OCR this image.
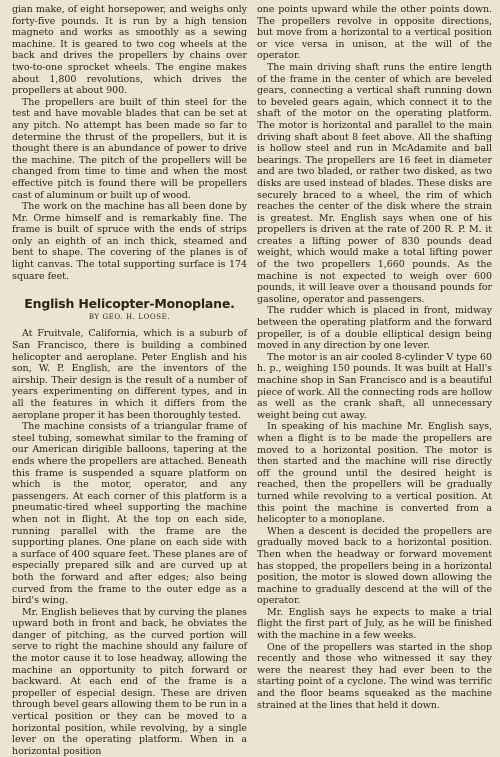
gian make, of eight horsepower, and weighs only forty-five pounds. It is run by a high tension magneto and works as smoothly as a sewing machine. It is geared to two cog wheels at the back and drives the propellers by chains over two-to-one sprocket wheels. The engine makes about 1,800 revolutions, which drives the propellers at about 900.

The propellers are built of thin steel for the test and have movable blades that can be set at any pitch. No attempt has been made so far to determine the thrust of the propellers, but it is thought there is an abundance of power to drive the machine. The pitch of the propellers will be changed from time to time and when the most effective pitch is found there will be propellers cast of aluminum or built up of wood.

The work on the machine has all been done by Mr. Orme himself and is remarkably fine. The frame is built of spruce with the ends of strips only an eighth of an inch thick, steamed and bent to shape. The covering of the planes is of light canvas. The total supporting surface is 174 square feet.

English Helicopter-Monoplane.
BY GEO. H. LOOSE.

At Fruitvale, California, which is a suburb of San Francisco, there is building a combined helicopter and aeroplane. Peter English and his son, W. P. English, are the inventors of the airship. Their design is the result of a number of years experimenting on different types, and in all the features in which it differs from the aeroplane proper it has been thoroughly tested.

The machine consists of a triangular frame of steel tubing, somewhat similar to the framing of our American dirigible balloons, tapering at the ends where the propellers are attached. Beneath this frame is suspended a square platform on which is the motor, operator, and any passengers. At each corner of this platform is a pneumatic-tired wheel supporting the machine when not in flight. At the top on each side, running parallel with the frame are the supporting planes. One plane on each side with a surface of 400 square feet. These planes are of especially prepared silk and are curved up at both the forward and after edges; also being curved from the frame to the outer edge as a bird's wing.

Mr. English believes that by curving the planes upward both in front and back, he obviates the danger of pitching, as the curved portion will serve to right the machine should any failure of the motor cause it to lose headway, allowing the machine an opportunity to pitch forward or backward. At each end of the frame is a propeller of especial design. These are driven through bevel gears allowing them to be run in a vertical position or they can be moved to a horizontal position, while revolving, by a single lever on the operating platform. When in a horizontal position

one points upward while the other points down. The propellers revolve in opposite directions, but move from a horizontal to a vertical position or vice versa in unison, at the will of the operator.

The main driving shaft runs the entire length of the frame in the center of which are beveled gears, connecting a vertical shaft running down to beveled gears again, which connect it to the shaft of the motor on the operating platform. The motor is horizontal and parallel to the main driving shaft about 8 feet above. All the shafting is hollow steel and run in McAdamite and ball bearings. The propellers are 16 feet in diameter and are two bladed, or rather two disked, as two disks are used instead of blades. These disks are securely braced to a wheel, the rim of which reaches the center of the disk where the strain is greatest. Mr. English says when one of his propellers is driven at the rate of 200 R. P. M. it creates a lifting power of 830 pounds dead weight, which would make a total lifting power of the two propellers 1,660 pounds. As the machine is not expected to weigh over 600 pounds, it will leave over a thousand pounds for gasoline, operator and passengers.

The rudder which is placed in front, midway between the operating platform and the forward propeller, is of a double elliptical design being moved in any direction by one lever.

The motor is an air cooled 8-cylinder V type 60 h. p., weighing 150 pounds. It was built at Hall's machine shop in San Francisco and is a beautiful piece of work. All the connecting rods are hollow as well as the crank shaft, all unnecessary weight being cut away.

In speaking of his machine Mr. English says, when a flight is to be made the propellers are moved to a horizontal position. The motor is then started and the machine will rise directly off the ground until the desired height is reached, then the propellers will be gradually turned while revolving to a vertical position. At this point the machine is converted from a helicopter to a monoplane.

When a descent is decided the propellers are gradually moved back to a horizontal position. Then when the headway or forward movement has stopped, the propellers being in a horizontal position, the motor is slowed down allowing the machine to gradually descend at the will of the operator.

Mr. English says he expects to make a trial flight the first part of July, as he will be finished with the machine in a few weeks.

One of the propellers was started in the shop recently and those who witnessed it say they were the nearest they had ever been to the starting point of a cyclone. The wind was terrific and the floor beams squeaked as the machine strained at the lines that held it down.
